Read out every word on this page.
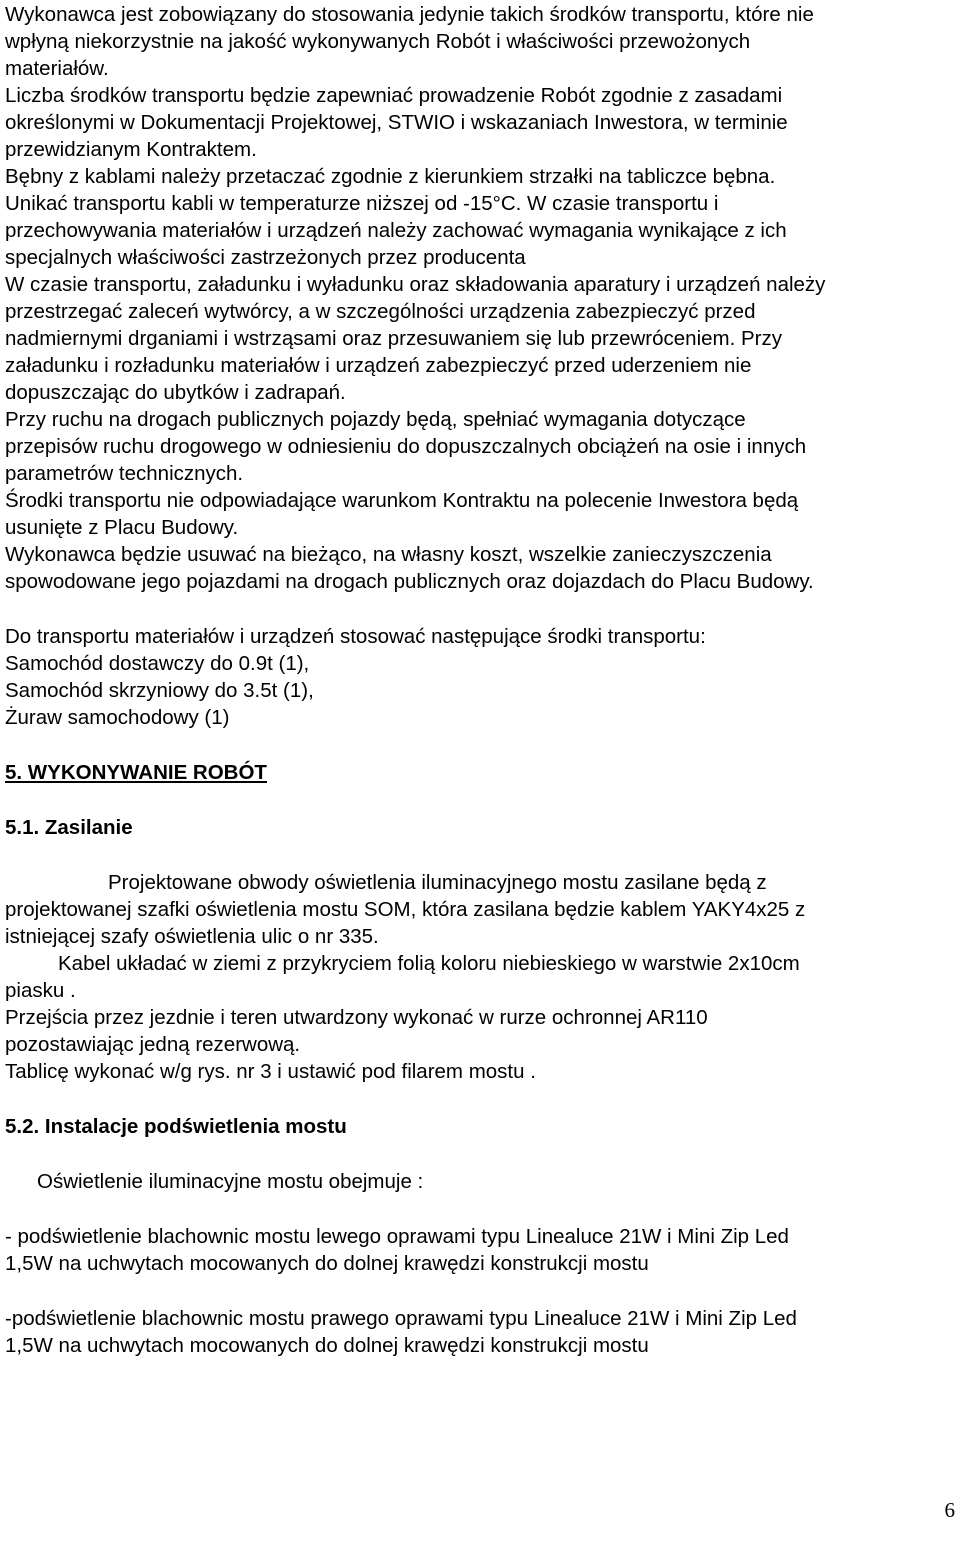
Wykonawca jest zobowiązany do stosowania jedynie takich środków transportu, które nie
wpłyną niekorzystnie na jakość wykonywanych Robót i właściwości przewożonych
materiałów.
Liczba środków transportu będzie zapewniać prowadzenie Robót zgodnie z zasadami
określonymi w Dokumentacji Projektowej, STWIO i wskazaniach Inwestora, w terminie
przewidzianym Kontraktem.
Bębny z kablami należy przetaczać zgodnie z kierunkiem strzałki na tabliczce bębna.
Unikać transportu kabli w temperaturze niższej od -15°C. W czasie transportu i
przechowywania materiałów i urządzeń należy zachować wymagania wynikające z ich
specjalnych właściwości zastrzeżonych przez producenta
W czasie transportu, załadunku i wyładunku oraz składowania aparatury i urządzeń należy
przestrzegać zaleceń wytwórcy, a w szczególności urządzenia zabezpieczyć przed
nadmiernymi drganiami i wstrząsami oraz przesuwaniem się lub przewróceniem. Przy
załadunku i rozładunku materiałów i urządzeń zabezpieczyć przed uderzeniem nie
dopuszczając do ubytków i zadrapań.
Przy ruchu na drogach publicznych pojazdy będą, spełniać wymagania dotyczące
przepisów ruchu drogowego w odniesieniu do dopuszczalnych obciążeń na osie i innych
parametrów technicznych.
Środki transportu nie odpowiadające warunkom Kontraktu na polecenie Inwestora będą
usunięte z Placu Budowy.
Wykonawca będzie usuwać na bieżąco, na własny koszt, wszelkie zanieczyszczenia
spowodowane jego pojazdami na drogach publicznych oraz dojazdach do Placu Budowy.
Do transportu materiałów i urządzeń stosować następujące środki transportu:
Samochód dostawczy do 0.9t (1),
Samochód skrzyniowy do 3.5t (1),
Żuraw samochodowy (1)
5. WYKONYWANIE ROBÓT
5.1. Zasilanie
Projektowane obwody oświetlenia iluminacyjnego mostu zasilane będą z
projektowanej szafki oświetlenia mostu SOM, która zasilana będzie kablem YAKY4x25 z
istniejącej szafy oświetlenia ulic o nr 335.
Kabel układać w ziemi z przykryciem folią koloru niebieskiego w warstwie 2x10cm
piasku .
Przejścia przez jezdnie i teren utwardzony wykonać w rurze ochronnej AR110
pozostawiając jedną rezerwową.
Tablicę wykonać w/g rys. nr 3 i ustawić pod filarem mostu .
5.2. Instalacje podświetlenia mostu
Oświetlenie iluminacyjne mostu obejmuje :
- podświetlenie blachownic mostu lewego oprawami typu Linealuce 21W i Mini Zip Led
1,5W na uchwytach mocowanych do dolnej krawędzi konstrukcji mostu
-podświetlenie blachownic mostu prawego oprawami typu Linealuce 21W i Mini Zip Led
1,5W na uchwytach mocowanych do dolnej krawędzi konstrukcji mostu
6
